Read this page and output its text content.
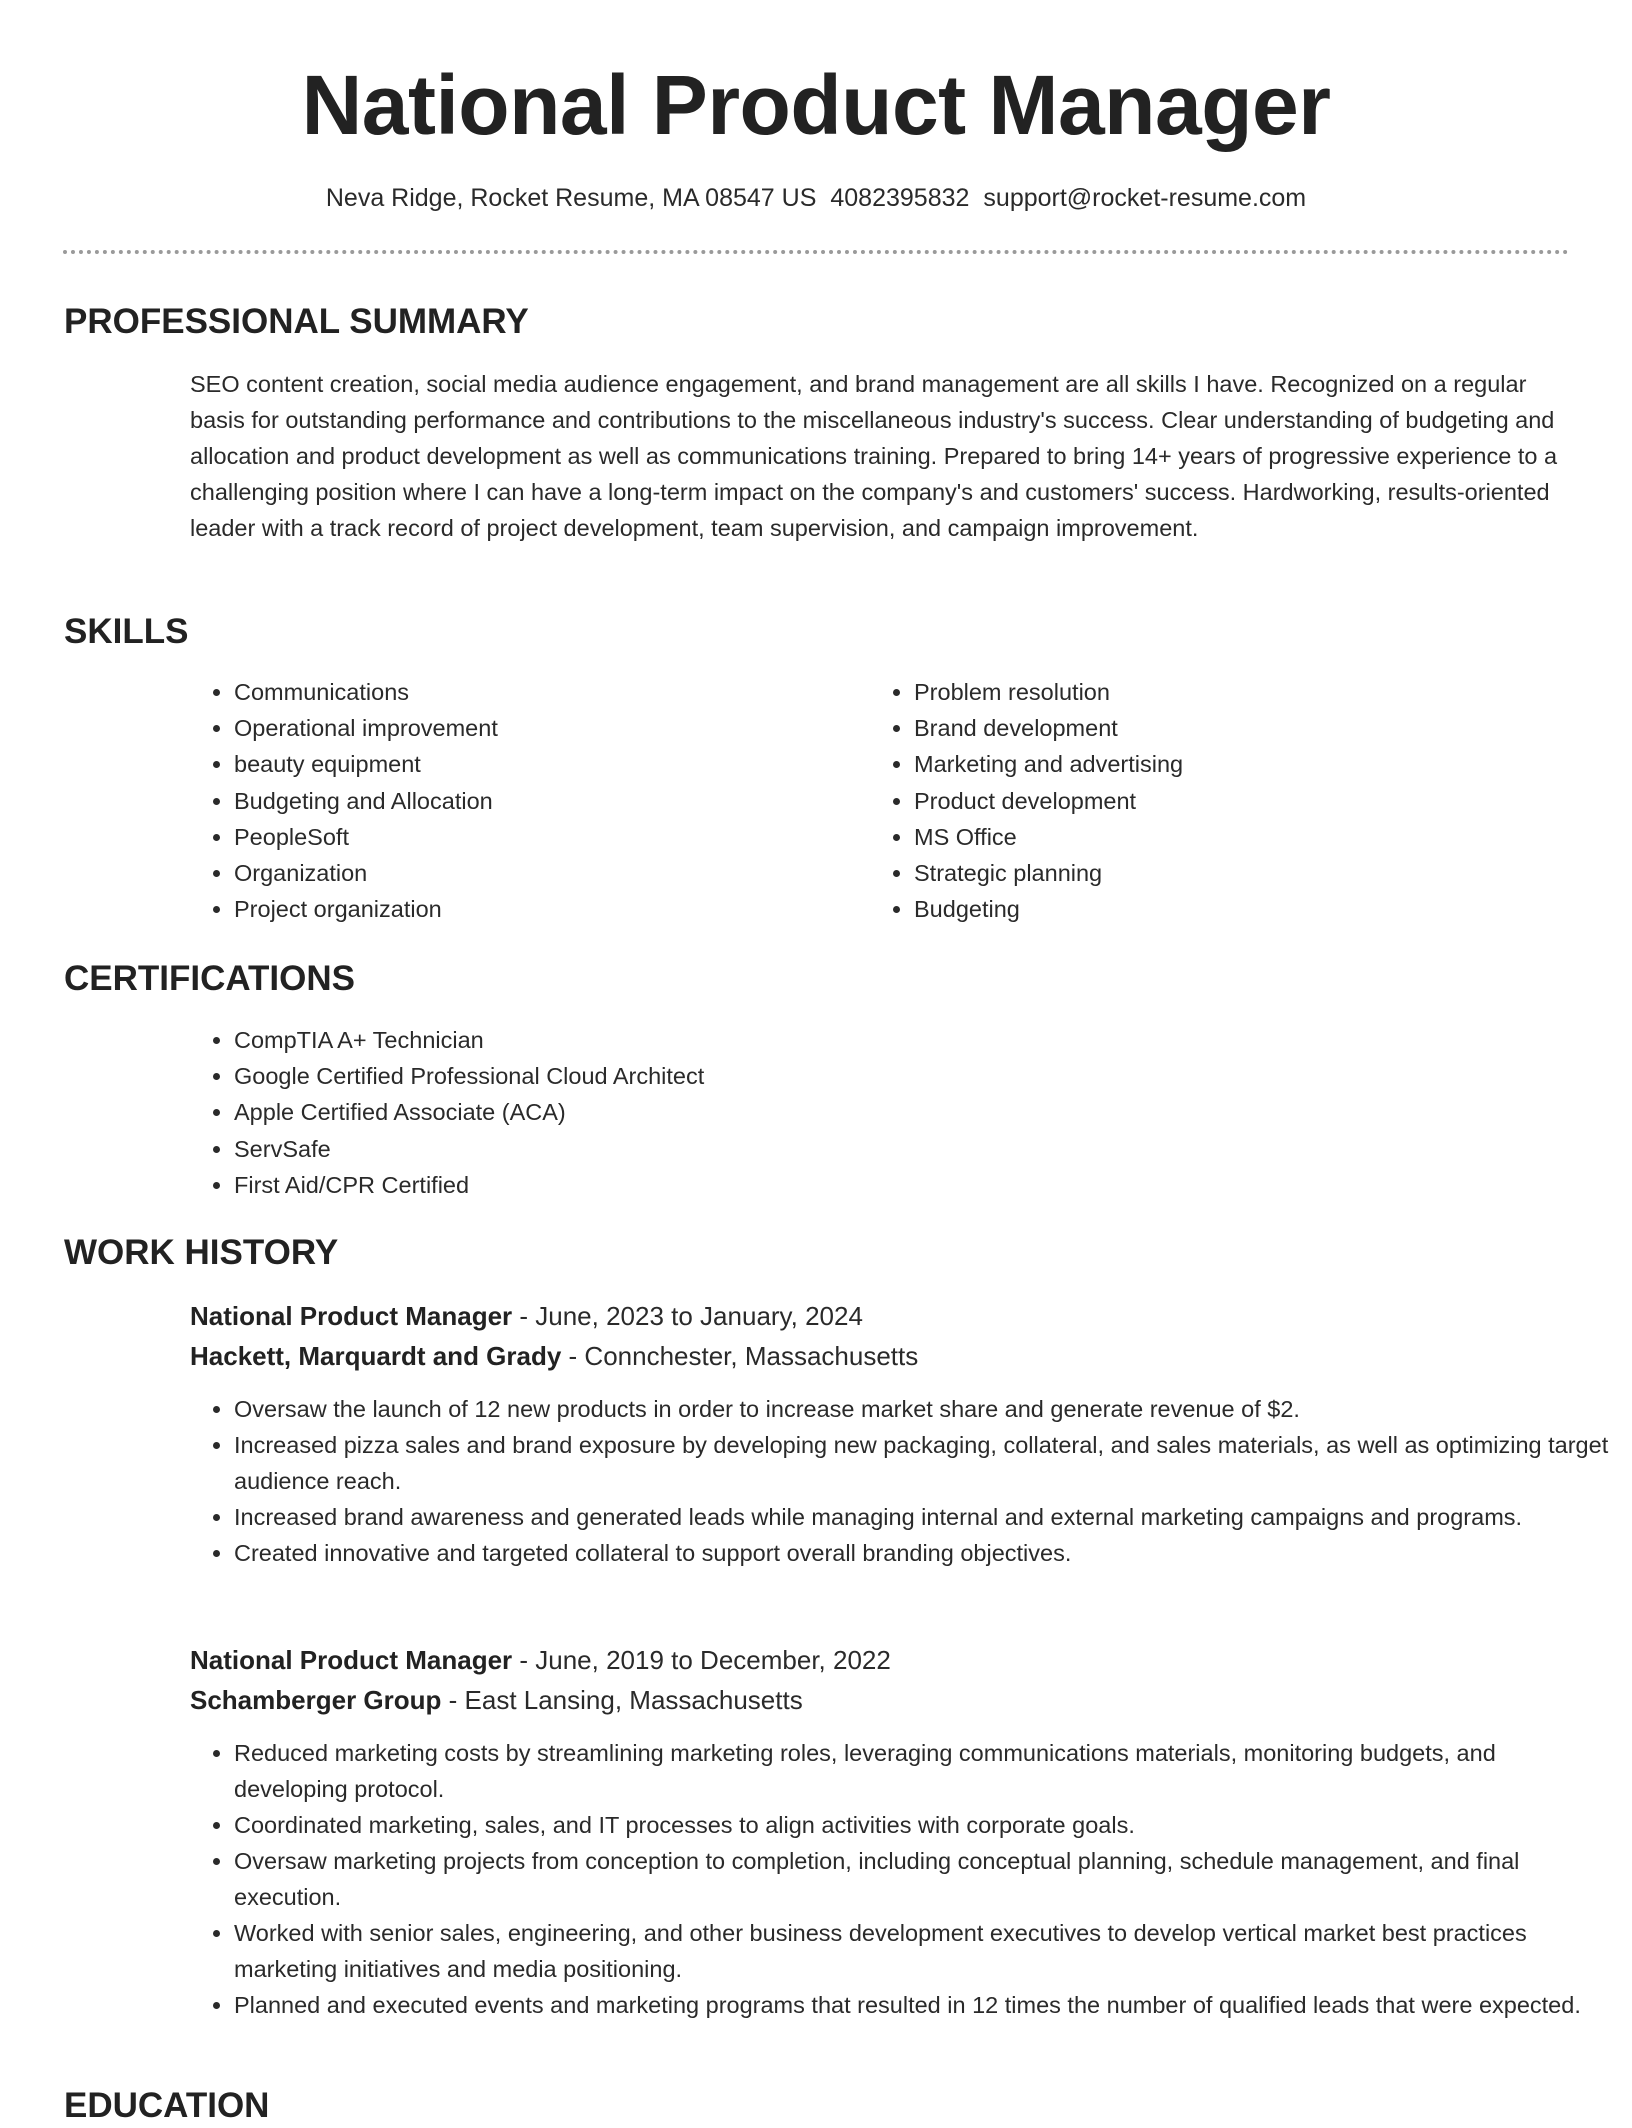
National Product Manager
Neva Ridge, Rocket Resume, MA 08547 US 4082395832 support@rocket-resume.com
PROFESSIONAL SUMMARY
SEO content creation, social media audience engagement, and brand management are all skills I have. Recognized on a regular basis for outstanding performance and contributions to the miscellaneous industry's success. Clear understanding of budgeting and allocation and product development as well as communications training. Prepared to bring 14+ years of progressive experience to a challenging position where I can have a long-term impact on the company's and customers' success. Hardworking, results-oriented leader with a track record of project development, team supervision, and campaign improvement.
SKILLS
• Communications
• Operational improvement
• beauty equipment
• Budgeting and Allocation
• PeopleSoft
• Organization
• Project organization
• Problem resolution
• Brand development
• Marketing and advertising
• Product development
• MS Office
• Strategic planning
• Budgeting
CERTIFICATIONS
• CompTIA A+ Technician
• Google Certified Professional Cloud Architect
• Apple Certified Associate (ACA)
• ServSafe
• First Aid/CPR Certified
WORK HISTORY
National Product Manager - June, 2023 to January, 2024
Hackett, Marquardt and Grady - Connchester, Massachusetts
• Oversaw the launch of 12 new products in order to increase market share and generate revenue of $2.
• Increased pizza sales and brand exposure by developing new packaging, collateral, and sales materials, as well as optimizing target audience reach.
• Increased brand awareness and generated leads while managing internal and external marketing campaigns and programs.
• Created innovative and targeted collateral to support overall branding objectives.
National Product Manager - June, 2019 to December, 2022
Schamberger Group - East Lansing, Massachusetts
• Reduced marketing costs by streamlining marketing roles, leveraging communications materials, monitoring budgets, and developing protocol.
• Coordinated marketing, sales, and IT processes to align activities with corporate goals.
• Oversaw marketing projects from conception to completion, including conceptual planning, schedule management, and final execution.
• Worked with senior sales, engineering, and other business development executives to develop vertical market best practices marketing initiatives and media positioning.
• Planned and executed events and marketing programs that resulted in 12 times the number of qualified leads that were expected.
EDUCATION
